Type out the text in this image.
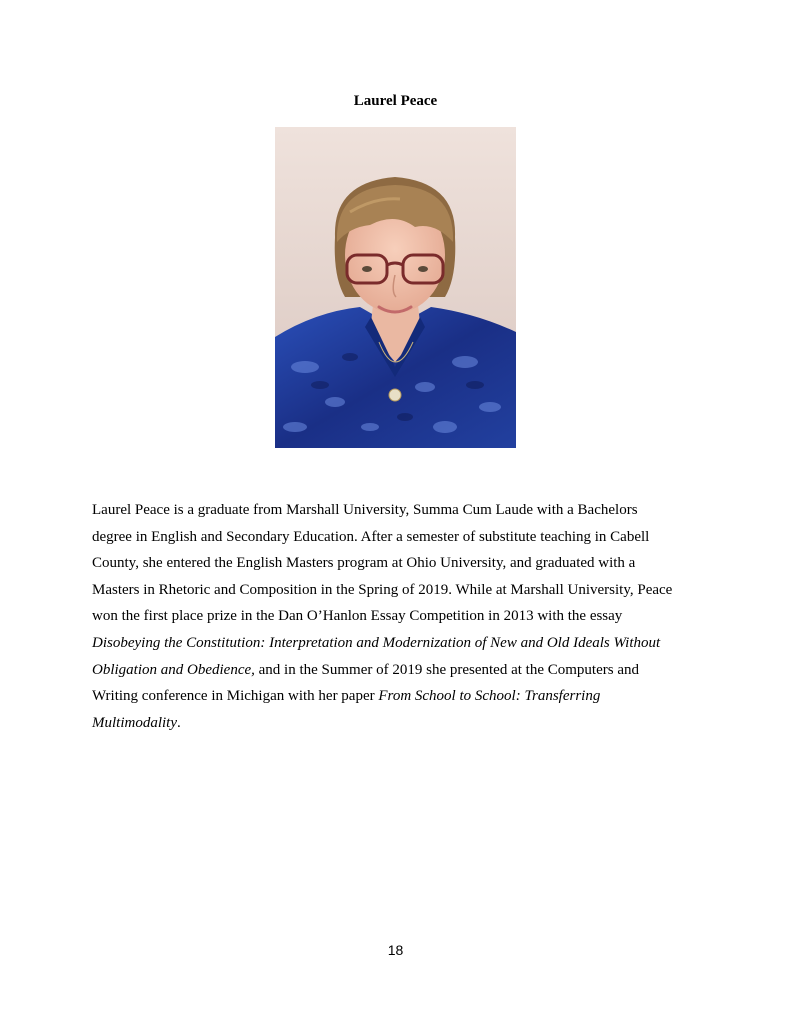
Laurel Peace
Laurel Peace is a graduate from Marshall University, Summa Cum Laude with a Bachelors
degree in English and Secondary Education. After a semester of substitute teaching in Cabell
County, she entered the English Masters program at Ohio University, and graduated with a
Masters in Rhetoric and Composition in the Spring of 2019. While at Marshall University, Peace
won the first place prize in the Dan O’Hanlon Essay Competition in 2013 with the essay
Disobeying the Constitution: Interpretation and Modernization of New and Old Ideals Without
Obligation and Obedience, and in the Summer of 2019 she presented at the Computers and
Writing conference in Michigan with her paper From School to School: Transferring
Multimodality.
18
